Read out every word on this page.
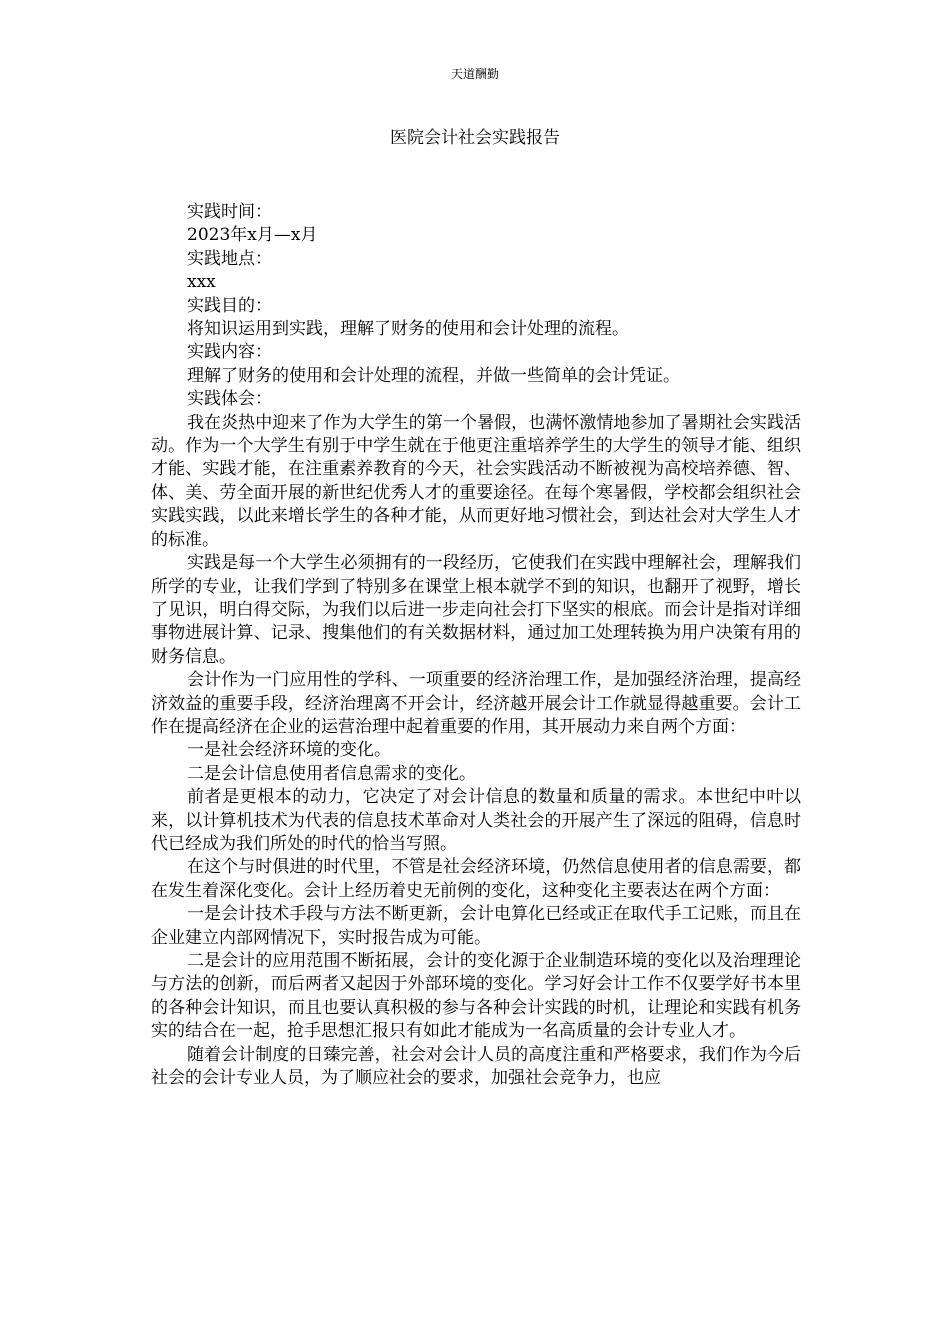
天道酬勤
医院会计社会实践报告

实践时间：

2023年x月—x月

实践地点：

xxx

实践目的：

将知识运用到实践，理解了财务的使用和会计处理的流程。

实践内容：

理解了财务的使用和会计处理的流程，并做一些简单的会计凭证。

实践体会：

我在炎热中迎来了作为大学生的第一个暑假，也满怀激情地参加了暑期社会实践活动。作为一个大学生有别于中学生就在于他更注重培养学生的大学生的领导才能、组织才能、实践才能，在注重素养教育的今天，社会实践活动不断被视为高校培养德、智、体、美、劳全面开展的新世纪优秀人才的重要途径。在每个寒暑假，学校都会组织社会实践实践，以此来增长学生的各种才能，从而更好地习惯社会，到达社会对大学生人才的标准。

实践是每一个大学生必须拥有的一段经历，它使我们在实践中理解社会，理解我们所学的专业，让我们学到了特别多在课堂上根本就学不到的知识，也翻开了视野，增长了见识，明白得交际，为我们以后进一步走向社会打下坚实的根底。而会计是指对详细事物进展计算、记录、搜集他们的有关数据材料，通过加工处理转换为用户决策有用的财务信息。

会计作为一门应用性的学科、一项重要的经济治理工作，是加强经济治理，提高经济效益的重要手段，经济治理离不开会计，经济越开展会计工作就显得越重要。会计工作在提高经济在企业的运营治理中起着重要的作用，其开展动力来自两个方面：

一是社会经济环境的变化。

二是会计信息使用者信息需求的变化。

前者是更根本的动力，它决定了对会计信息的数量和质量的需求。本世纪中叶以来，以计算机技术为代表的信息技术革命对人类社会的开展产生了深远的阻碍，信息时代已经成为我们所处的时代的恰当写照。

在这个与时俱进的时代里，不管是社会经济环境，仍然信息使用者的信息需要，都在发生着深化变化。会计上经历着史无前例的变化，这种变化主要表达在两个方面：

一是会计技术手段与方法不断更新，会计电算化已经或正在取代手工记账，而且在企业建立内部网情况下，实时报告成为可能。

二是会计的应用范围不断拓展，会计的变化源于企业制造环境的变化以及治理理论与方法的创新，而后两者又起因于外部环境的变化。学习好会计工作不仅要学好书本里的各种会计知识，而且也要认真积极的参与各种会计实践的时机，让理论和实践有机务实的结合在一起，抢手思想汇报只有如此才能成为一名高质量的会计专业人才。

随着会计制度的日臻完善，社会对会计人员的高度注重和严格要求，我们作为今后社会的会计专业人员，为了顺应社会的要求，加强社会竞争力，也应
